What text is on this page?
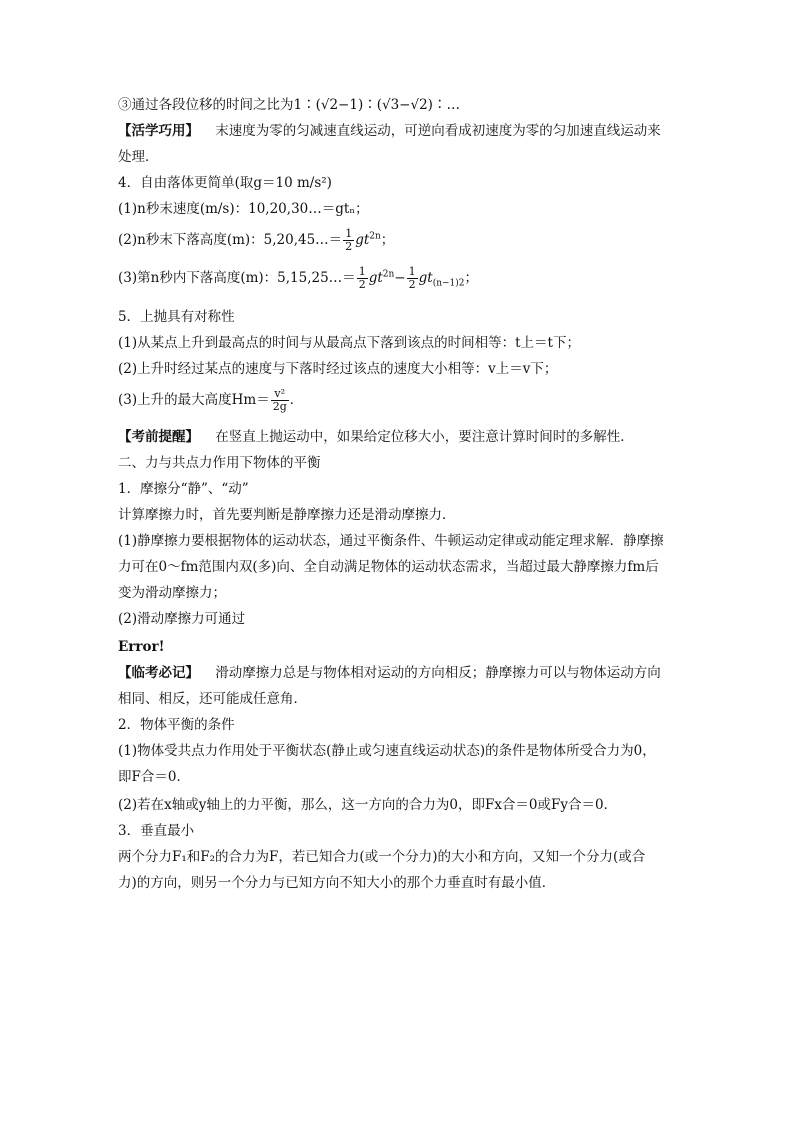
③通过各段位移的时间之比为1∶(√2−1)∶(√3−√2)∶…
【活学巧用】 末速度为零的匀减速直线运动，可逆向看成初速度为零的匀加速直线运动来
处理．
4．自由落体更简单(取g＝10 m/s²)
(1)n秒末速度(m/s)：10,20,30…＝gtₙ；
(2)n秒末下落高度(m)：5,20,45…＝ $\frac{1}{2} gt^{2n}$；
(3)第n秒内下落高度(m)：5,15,25…＝ $\frac{1}{2} gt^{2n}- \frac{1}{2} gt_{(n-1)2}$；
5．上抛具有对称性
(1)从某点上升到最高点的时间与从最高点下落到该点的时间相等：t上＝t下；
(2)上升时经过某点的速度与下落时经过该点的速度大小相等：v上＝v下；
(3)上升的最大高度$Hm= \frac{\text{v²}}{2g}$ ．
【考前提醒】 在竖直上抛运动中，如果给定位移大小，要注意计算时间时的多解性．
二、力与共点力作用下物体的平衡
1．摩擦分“静”、“动”
计算摩擦力时，首先要判断是静摩擦力还是滑动摩擦力．
(1)静摩擦力要根据物体的运动状态，通过平衡条件、牛顿运动定律或动能定理求解．静摩擦
力可在0～fm范围内双(多)向、全自动满足物体的运动状态需求，当超过最大静摩擦力fm后
变为滑动摩擦力；
(2)滑动摩擦力可通过
Error!
【临考必记】 滑动摩擦力总是与物体相对运动的方向相反；静摩擦力可以与物体运动方向
相同、相反，还可能成任意角．
2．物体平衡的条件
(1)物体受共点力作用处于平衡状态(静止或匀速直线运动状态)的条件是物体所受合力为0，
即F合＝0．
(2)若在x轴或y轴上的力平衡，那么，这一方向的合力为0，即Fx合＝0或Fy合＝0．
3．垂直最小
两个分力F₁和F₂的合力为F，若已知合力(或一个分力)的大小和方向，又知一个分力(或合
力)的方向，则另一个分力与已知方向不知大小的那个力垂直时有最小值．
